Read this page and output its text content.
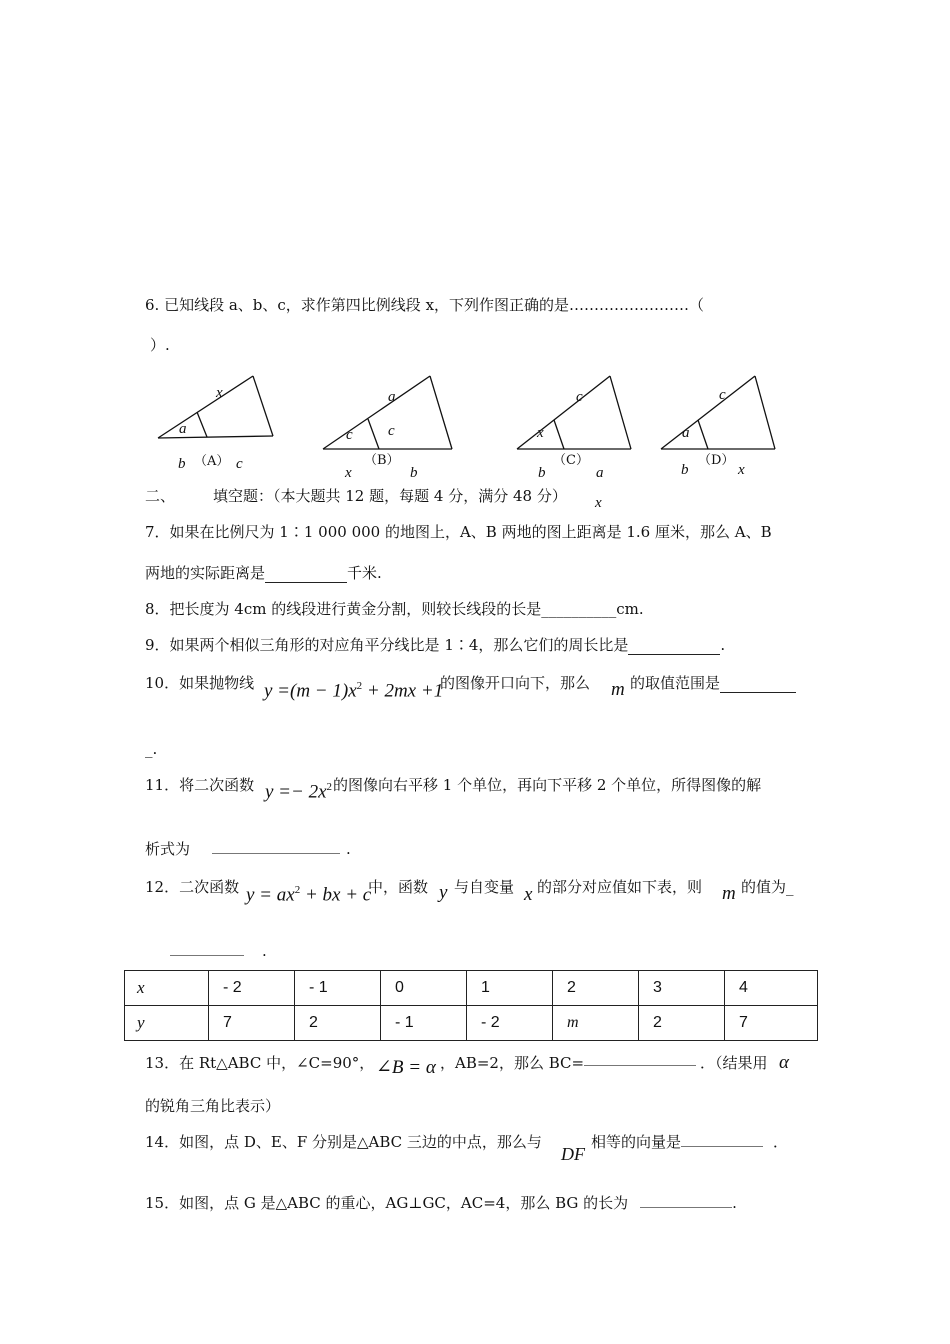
6. 已知线段 a、b、c，求作第四比例线段 x，下列作图正确的是……………………（
）.
x
a
b （A） c
a
c c
（B）
x	b
c
x
（C）
b	a
c
a
（D）
b	x
二、	填空题：（本大题共 12 题，每题 4 分，满分 48 分） x
7．如果在比例尺为 1∶1 000 000 的地图上，A、B 两地的图上距离是 1.6 厘米，那么 A、B
两地的实际距离是	千米.
8．把长度为 4cm 的线段进行黄金分割，则较长线段的长是__________cm.
9．如果两个相似三角形的对应角平分线比是 1∶4，那么它们的周长比是	.
10．如果抛物线 $y =(m - 1)x^2 + 2mx +1$
的图像开口向下，那么 m 的取值范围是
_.
11．将二次函数 $y =- 2x^2$ 的图像向右平移 1 个单位，再向下平移 2 个单位，所得图像的解
析式为	.
12．二次函数 $y = ax^2$ + bx + c
中，函数 y 与自变量 x 的部分对应值如下表，则 m 的值为_
.
x	- 2	- 1	0	1	2	3	4
y	7	2	- 1	- 2	m	2	7
13．在 Rt△ABC 中，∠C=90°， ∠B = α ，AB=2，那么 BC=	．（结果用 α
的锐角三角比表示）
14．如图，点 D、E、F 分别是△ABC 三边的中点，那么与
DF
相等的向量是	．
15．如图，点 G 是△ABC 的重心，AG⊥GC，AC=4，那么 BG 的长为	.
